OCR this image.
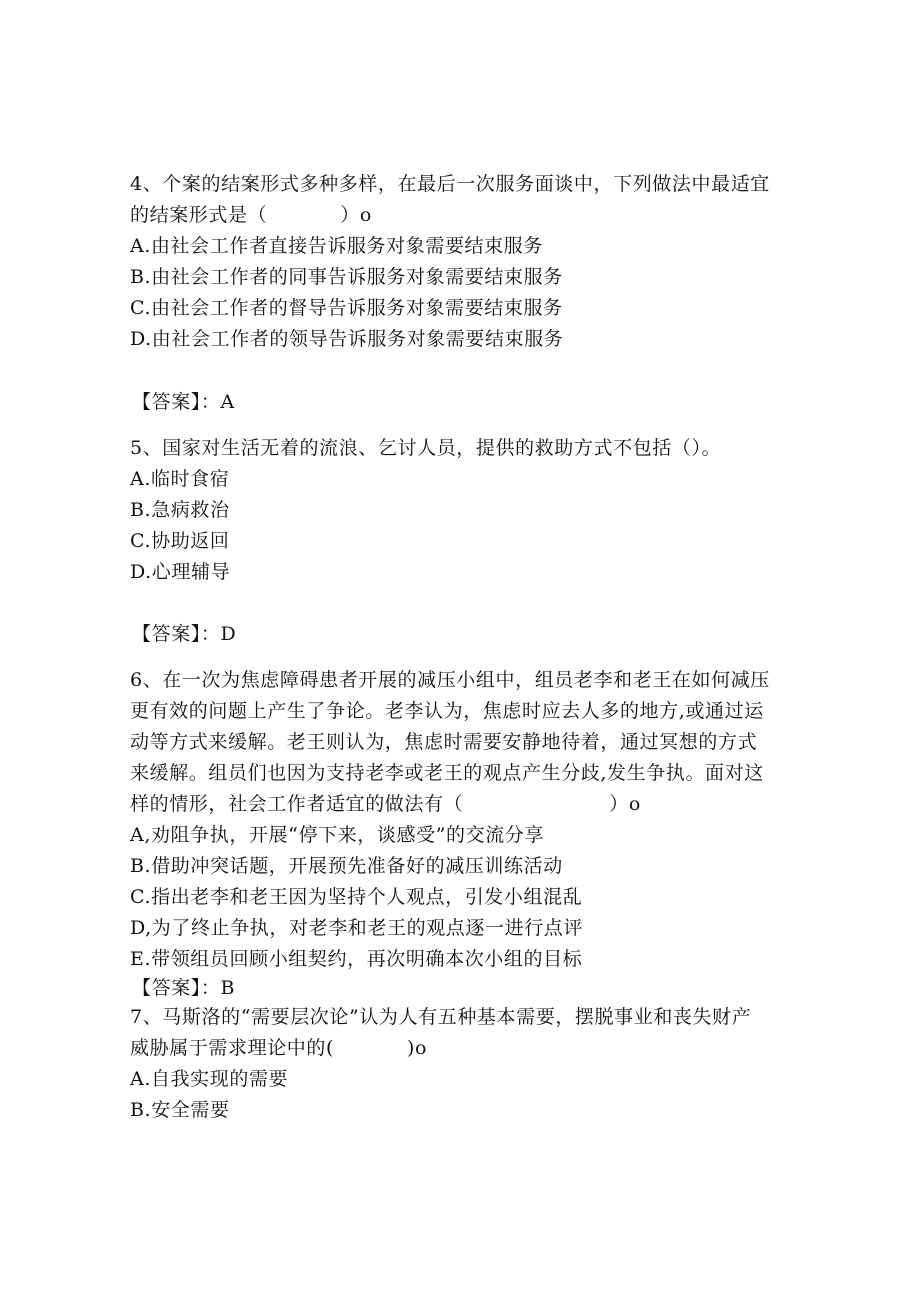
4、个案的结案形式多种多样，在最后一次服务面谈中，下列做法中最适宜
的结案形式是（           ）o
A.由社会工作者直接告诉服务对象需要结束服务
B.由社会工作者的同事告诉服务对象需要结束服务
C.由社会工作者的督导告诉服务对象需要结束服务
D.由社会工作者的领导告诉服务对象需要结束服务
【答案】：A
5、国家对生活无着的流浪、乞讨人员，提供的救助方式不包括（）。
A.临时食宿
B.急病救治
C.协助返回
D.心理辅导
【答案】：D
6、在一次为焦虑障碍患者开展的减压小组中，组员老李和老王在如何减压
更有效的问题上产生了争论。老李认为，焦虑时应去人多的地方,或通过运
动等方式来缓解。老王则认为，焦虑时需要安静地待着，通过冥想的方式
来缓解。组员们也因为支持老李或老王的观点产生分歧,发生争执。面对这
样的情形，社会工作者适宜的做法有（                      ）o
A,劝阻争执，开展“停下来，谈感受”的交流分享
B.借助冲突话题，开展预先准备好的减压训练活动
C.指出老李和老王因为坚持个人观点，引发小组混乱
D,为了终止争执，对老李和老王的观点逐一进行点评
E.带领组员回顾小组契约，再次明确本次小组的目标
【答案】：B
7、马斯洛的“需要层次论”认为人有五种基本需要，摆脱事业和丧失财产
威胁属于需求理论中的(           )o
A.自我实现的需要
B.安全需要
